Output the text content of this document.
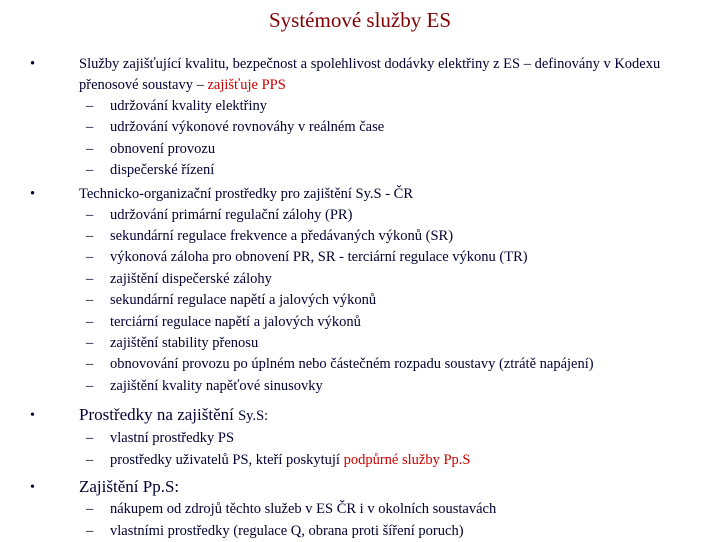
Systémové služby ES
• Služby zajišťující kvalitu, bezpečnost a spolehlivost dodávky elektřiny z ES – definovány v Kodexu přenosové soustavy – zajišťuje PPS
– udržování kvality elektřiny
– udržování výkonové rovnováhy v reálném čase
– obnovení provozu
– dispečerské řízení
• Technicko-organizační prostředky pro zajištění Sy.S - ČR
– udržování primární regulační zálohy (PR)
– sekundární regulace frekvence a předávaných výkonů (SR)
– výkonová záloha pro obnovení PR, SR - terciární regulace výkonu (TR)
– zajištění dispečerské zálohy
– sekundární regulace napětí a jalových výkonů
– terciární regulace napětí a jalových výkonů
– zajištění stability přenosu
– obnovování provozu po úplném nebo částečném rozpadu soustavy (ztrátě napájení)
– zajištění kvality napěťové sinusovky
• Prostředky na zajištění Sy.S:
– vlastní prostředky PS
– prostředky uživatelů PS, kteří poskytují podpůrné služby Pp.S
• Zajištění Pp.S:
– nákupem od zdrojů těchto služeb v ES ČR i v okolních soustavách
– vlastními prostředky (regulace Q, obrana proti šíření poruch)
